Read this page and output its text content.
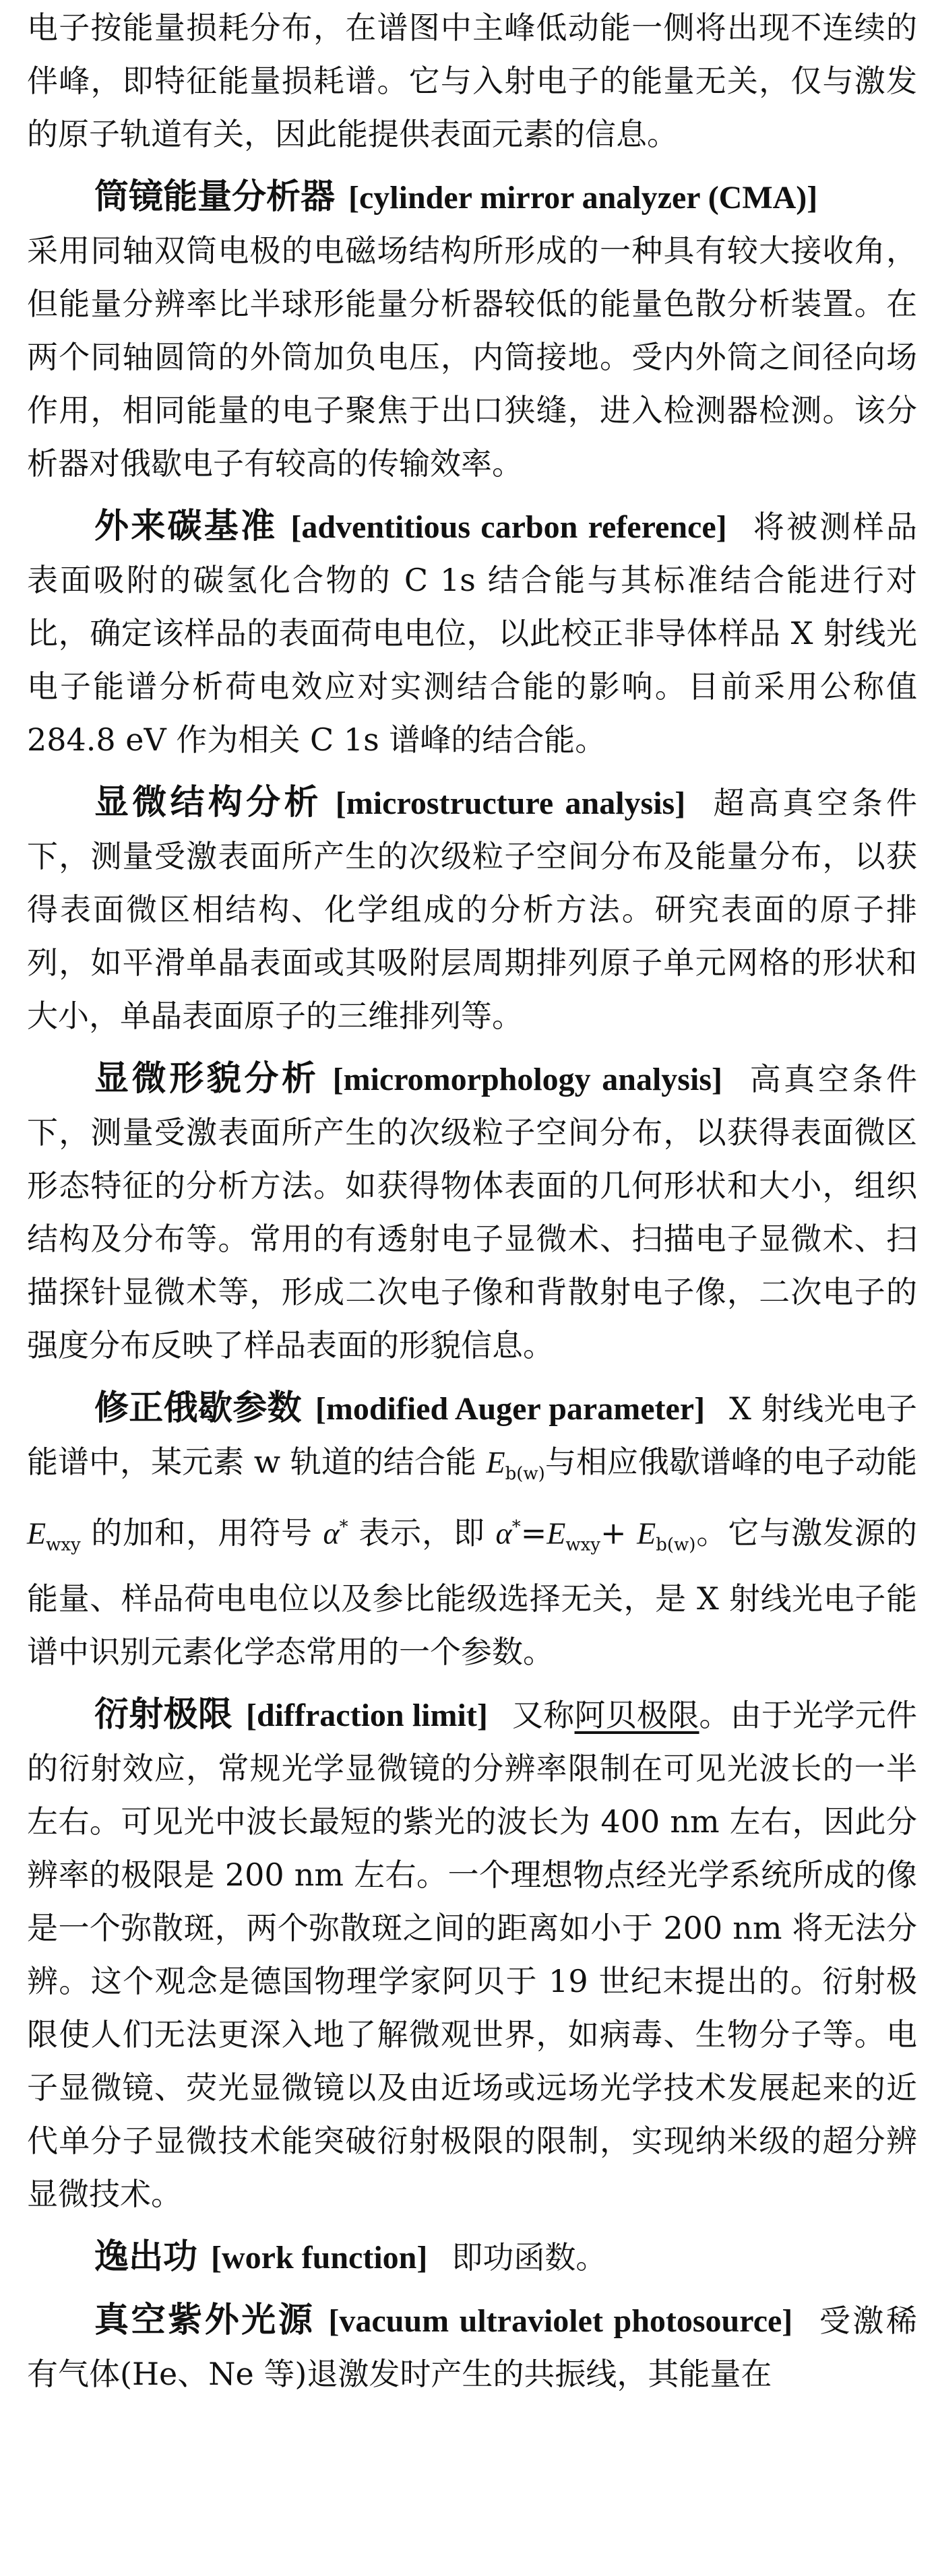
电子按能量损耗分布，在谱图中主峰低动能一侧将出现不连续的伴峰，即特征能量损耗谱。它与入射电子的能量无关，仅与激发的原子轨道有关，因此能提供表面元素的信息。

筒镜能量分析器 [cylinder mirror analyzer (CMA)]
采用同轴双筒电极的电磁场结构所形成的一种具有较大接收角，但能量分辨率比半球形能量分析器较低的能量色散分析装置。在两个同轴圆筒的外筒加负电压，内筒接地。受内外筒之间径向场作用，相同能量的电子聚焦于出口狭缝，进入检测器检测。该分析器对俄歇电子有较高的传输效率。

外来碳基准 [adventitious carbon reference] 将被测样品表面吸附的碳氢化合物的 C 1s 结合能与其标准结合能进行对比，确定该样品的表面荷电电位，以此校正非导体样品 X 射线光电子能谱分析荷电效应对实测结合能的影响。目前采用公称值 284.8 eV 作为相关 C 1s 谱峰的结合能。

显微结构分析 [microstructure analysis] 超高真空条件下，测量受激表面所产生的次级粒子空间分布及能量分布，以获得表面微区相结构、化学组成的分析方法。研究表面的原子排列，如平滑单晶表面或其吸附层周期排列原子单元网格的形状和大小，单晶表面原子的三维排列等。

显微形貌分析 [micromorphology analysis] 高真空条件下，测量受激表面所产生的次级粒子空间分布，以获得表面微区形态特征的分析方法。如获得物体表面的几何形状和大小，组织结构及分布等。常用的有透射电子显微术、扫描电子显微术、扫描探针显微术等，形成二次电子像和背散射电子像，二次电子的强度分布反映了样品表面的形貌信息。

修正俄歇参数 [modified Auger parameter] X 射线光电子能谱中，某元素 w 轨道的结合能 $E_{b(w)}$与相应俄歇谱峰的电子动能 $E_{wxy}$ 的加和，用符号 α* 表示，即 $\alpha^*=E_{wxy}+ E_{b(w)}$。它与激发源的能量、样品荷电电位以及参比能级选择无关，是 X 射线光电子能谱中识别元素化学态常用的一个参数。

衍射极限 [diffraction limit] 又称阿贝极限。由于光学元件的衍射效应，常规光学显微镜的分辨率限制在可见光波长的一半左右。可见光中波长最短的紫光的波长为 400 nm 左右，因此分辨率的极限是 200 nm 左右。一个理想物点经光学系统所成的像是一个弥散斑，两个弥散斑之间的距离如小于 200 nm 将无法分辨。这个观念是德国物理学家阿贝于 19 世纪末提出的。衍射极限使人们无法更深入地了解微观世界，如病毒、生物分子等。电子显微镜、荧光显微镜以及由近场或远场光学技术发展起来的近代单分子显微技术能突破衍射极限的限制，实现纳米级的超分辨显微技术。

逸出功 [work function] 即功函数。

真空紫外光源 [vacuum ultraviolet photosource] 受激稀有气体(He、Ne 等)退激发时产生的共振线，其能量在
